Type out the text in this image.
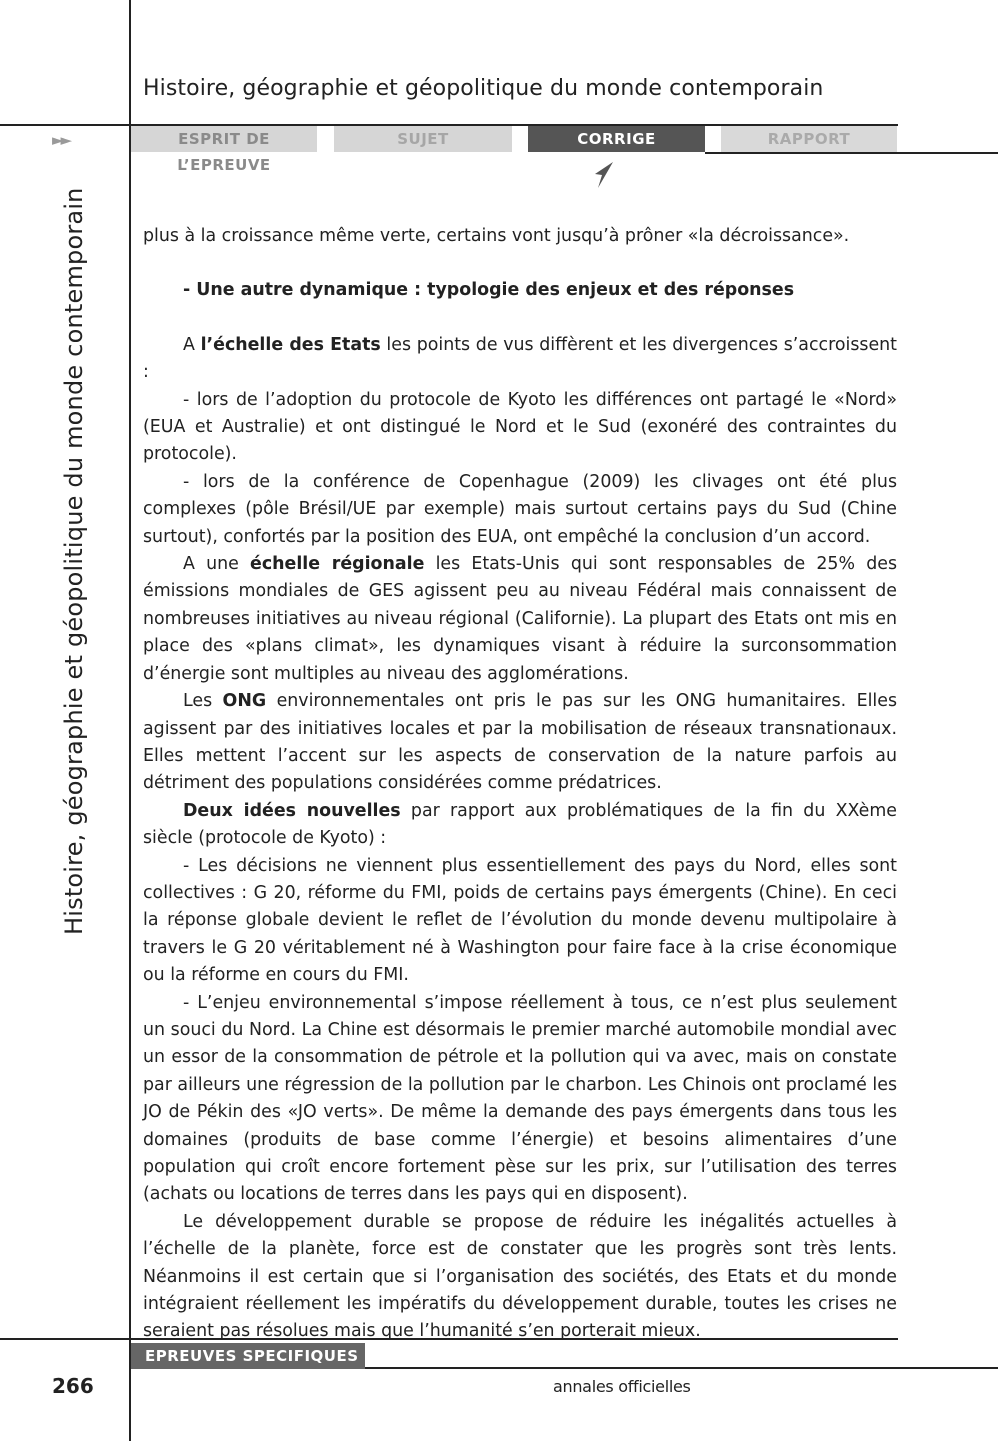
Histoire, géographie et géopolitique du monde contemporain
►►	ESPRIT DE L’EPREUVE
SUJET	CORRIGE	RAPPORT
Histoire, géographie et géopolitique du monde contemporain	plus à la croissance même verte, certains vont jusqu’à prôner «la décroissance».

- Une autre dynamique : typologie des enjeux et des réponses

A l’échelle des Etats les points de vus diffèrent et les divergences s’accroissent :

- lors de l’adoption du protocole de Kyoto les différences ont partagé le «Nord» (EUA et Australie) et ont distingué le Nord et le Sud (exonéré des contraintes du protocole).

- lors de la conférence de Copenhague (2009) les clivages ont été plus complexes (pôle Brésil/UE par exemple) mais surtout certains pays du Sud (Chine surtout), confortés par la position des EUA, ont empêché la conclusion d’un accord.

A une échelle régionale les Etats-Unis qui sont responsables de 25% des émissions mondiales de GES agissent peu au niveau Fédéral mais connaissent de nombreuses initiatives au niveau régional (Californie). La plupart des Etats ont mis en place des «plans climat», les dynamiques visant à réduire la surconsommation d’énergie sont multiples au niveau des agglomérations.

Les ONG environnementales ont pris le pas sur les ONG humanitaires. Elles agissent par des initiatives locales et par la mobilisation de réseaux transnationaux. Elles mettent l’accent sur les aspects de conservation de la nature parfois au détriment des populations considérées comme prédatrices.

Deux idées nouvelles par rapport aux problématiques de la fin du XXème siècle (protocole de Kyoto) :

- Les décisions ne viennent plus essentiellement des pays du Nord, elles sont collectives : G 20, réforme du FMI, poids de certains pays émergents (Chine). En ceci la réponse globale devient le reflet de l’évolution du monde devenu multipolaire à travers le G 20 véritablement né à Washington pour faire face à la crise économique ou la réforme en cours du FMI.

- L’enjeu environnemental s’impose réellement à tous, ce n’est plus seulement un souci du Nord. La Chine est désormais le premier marché automobile mondial avec un essor de la consommation de pétrole et la pollution qui va avec, mais on constate par ailleurs une régression de la pollution par le charbon. Les Chinois ont proclamé les JO de Pékin des «JO verts». De même la demande des pays émergents dans tous les domaines (produits de base comme l’énergie) et besoins alimentaires d’une population qui croît encore fortement pèse sur les prix, sur l’utilisation des terres (achats ou locations de terres dans les pays qui en disposent).

Le développement durable se propose de réduire les inégalités actuelles à l’échelle de la planète, force est de constater que les progrès sont très lents. Néanmoins il est certain que si l’organisation des sociétés, des Etats et du monde intégraient réellement les impératifs du développement durable, toutes les crises ne seraient pas résolues mais que l’humanité s’en porterait mieux.

EPREUVES SPECIFIQUES
266	annales officielles
